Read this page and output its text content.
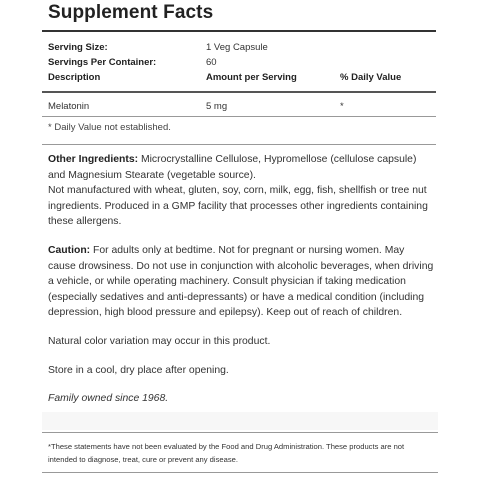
Supplement Facts
Serving Size:	1 Veg Capsule
Servings Per Container:	60
Description	Amount per Serving	% Daily Value
Melatonin	5 mg	*
* Daily Value not established.

Other Ingredients: Microcrystalline Cellulose, Hypromellose (cellulose capsule) and Magnesium Stearate (vegetable source).
Not manufactured with wheat, gluten, soy, corn, milk, egg, fish, shellfish or tree nut ingredients. Produced in a GMP facility that processes other ingredients containing these allergens.

Caution: For adults only at bedtime. Not for pregnant or nursing women. May cause drowsiness. Do not use in conjunction with alcoholic beverages, when driving a vehicle, or while operating machinery. Consult physician if taking medication (especially sedatives and anti-depressants) or have a medical condition (including depression, high blood pressure and epilepsy). Keep out of reach of children.

Natural color variation may occur in this product.

Store in a cool, dry place after opening.

Family owned since 1968.

*These statements have not been evaluated by the Food and Drug Administration. These products are not intended to diagnose, treat, cure or prevent any disease.
